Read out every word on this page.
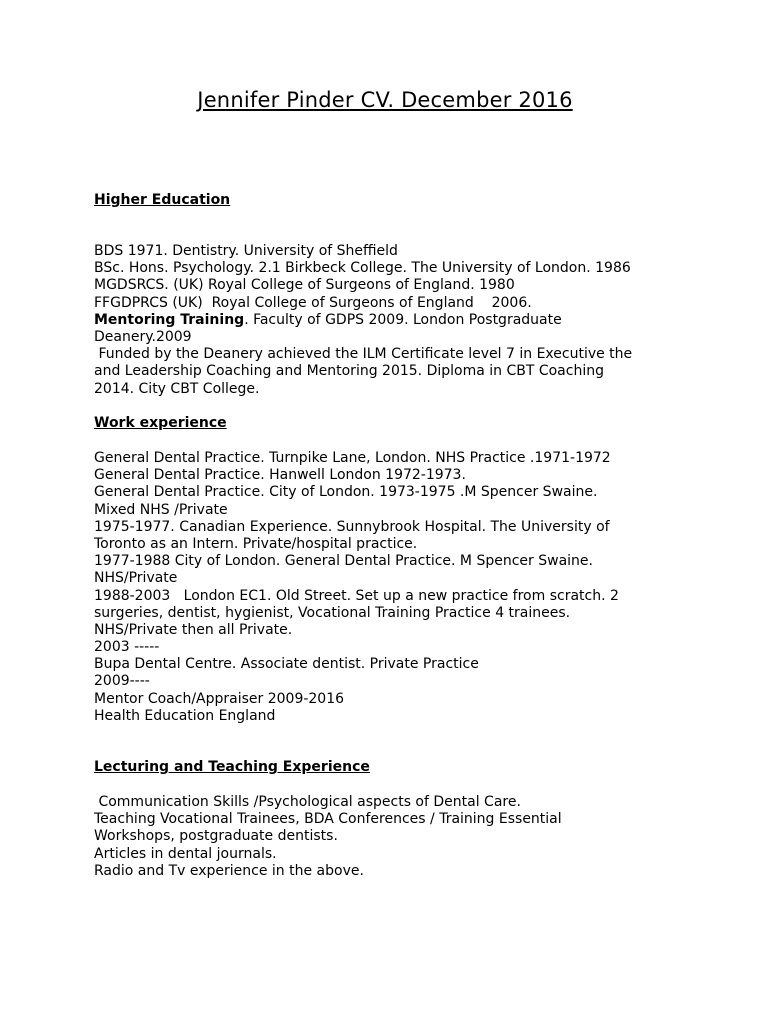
Jennifer Pinder CV. December 2016
Higher Education
BDS 1971. Dentistry. University of Sheffield
BSc. Hons. Psychology. 2.1 Birkbeck College. The University of London. 1986
MGDSRCS. (UK) Royal College of Surgeons of England. 1980
FFGDPRCS (UK)  Royal College of Surgeons of England    2006.
Mentoring Training. Faculty of GDPS 2009. London Postgraduate
Deanery.2009
Funded by the Deanery achieved the ILM Certificate level 7 in Executive the
and Leadership Coaching and Mentoring 2015. Diploma in CBT Coaching
2014. City CBT College.
Work experience
General Dental Practice. Turnpike Lane, London. NHS Practice .1971-1972
General Dental Practice. Hanwell London 1972-1973.
General Dental Practice. City of London. 1973-1975 .M Spencer Swaine.
Mixed NHS /Private
1975-1977. Canadian Experience. Sunnybrook Hospital. The University of
Toronto as an Intern. Private/hospital practice.
1977-1988 City of London. General Dental Practice. M Spencer Swaine.
NHS/Private
1988-2003   London EC1. Old Street. Set up a new practice from scratch. 2
surgeries, dentist, hygienist, Vocational Training Practice 4 trainees.
NHS/Private then all Private.
2003 -----
Bupa Dental Centre. Associate dentist. Private Practice
2009----
Mentor Coach/Appraiser 2009-2016
Health Education England
Lecturing and Teaching Experience
Communication Skills /Psychological aspects of Dental Care.
Teaching Vocational Trainees, BDA Conferences / Training Essential
Workshops, postgraduate dentists.
Articles in dental journals.
Radio and Tv experience in the above.
